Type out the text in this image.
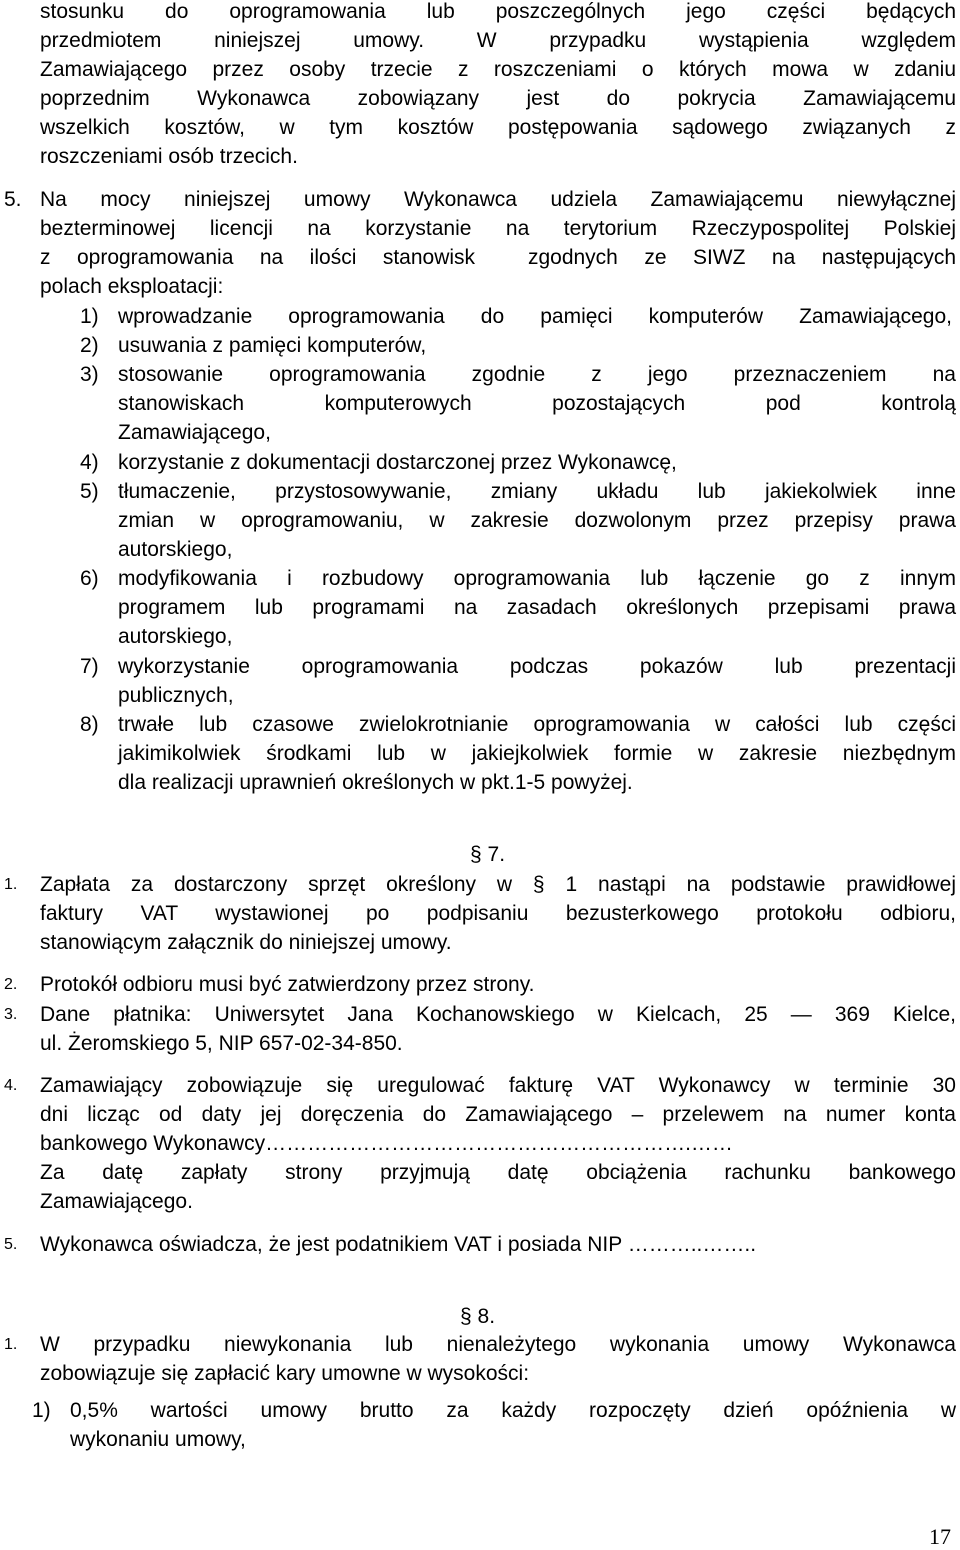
stosunku do oprogramowania lub poszczególnych jego części będących
przedmiotem niniejszej umowy. W przypadku wystąpienia względem
Zamawiającego przez osoby trzecie z roszczeniami o których mowa w zdaniu
poprzednim Wykonawca zobowiązany jest do pokrycia Zamawiającemu
wszelkich kosztów, w tym kosztów postępowania sądowego związanych z
roszczeniami osób trzecich.
5. Na mocy niniejszej umowy Wykonawca udziela Zamawiającemu niewyłącznej
bezterminowej licencji na korzystanie na terytorium Rzeczypospolitej Polskiej
z oprogramowania na ilości stanowisk  zgodnych ze SIWZ na następujących
polach eksploatacji:
1) wprowadzanie oprogramowania do pamięci komputerów Zamawiającego,
2) usuwania z pamięci komputerów,
3) stosowanie oprogramowania zgodnie z jego przeznaczeniem na
stanowiskach komputerowych pozostających pod kontrolą
Zamawiającego,
4) korzystanie z dokumentacji dostarczonej przez Wykonawcę,
5) tłumaczenie, przystosowywanie, zmiany układu lub jakiekolwiek inne
zmian w oprogramowaniu, w zakresie dozwolonym przez przepisy prawa
autorskiego,
6) modyfikowania i rozbudowy oprogramowania lub łączenie go z innym
programem lub programami na zasadach określonych przepisami prawa
autorskiego,
7) wykorzystanie oprogramowania podczas pokazów lub prezentacji
publicznych,
8) trwałe lub czasowe zwielokrotnianie oprogramowania w całości lub części
jakimikolwiek środkami lub w jakiejkolwiek formie w zakresie niezbędnym
dla realizacji uprawnień określonych w pkt.1-5 powyżej.
§ 7.
1. Zapłata za dostarczony sprzęt określony w § 1 nastąpi na podstawie prawidłowej
faktury VAT wystawionej po podpisaniu bezusterkowego protokołu odbioru,
stanowiącym załącznik do niniejszej umowy.
2. Protokół odbioru musi być zatwierdzony przez strony.
3. Dane płatnika: Uniwersytet Jana Kochanowskiego w Kielcach, 25 — 369 Kielce,
ul. Żeromskiego 5, NIP 657-02-34-850.
4. Zamawiający zobowiązuje się uregulować fakturę VAT Wykonawcy w terminie 30
dni licząc od daty jej doręczenia do Zamawiającego – przelewem na numer konta
bankowego Wykonawcy…………………………………………………….……
Za datę zapłaty strony przyjmują datę obciążenia rachunku bankowego
Zamawiającego.
5. Wykonawca oświadcza, że jest podatnikiem VAT i posiada NIP ………..……..
§ 8.
1. W przypadku niewykonania lub nienależytego wykonania umowy Wykonawca
zobowiązuje się zapłacić kary umowne w wysokości:
1) 0,5% wartości umowy brutto za każdy rozpoczęty dzień opóźnienia w
wykonaniu umowy,
17
